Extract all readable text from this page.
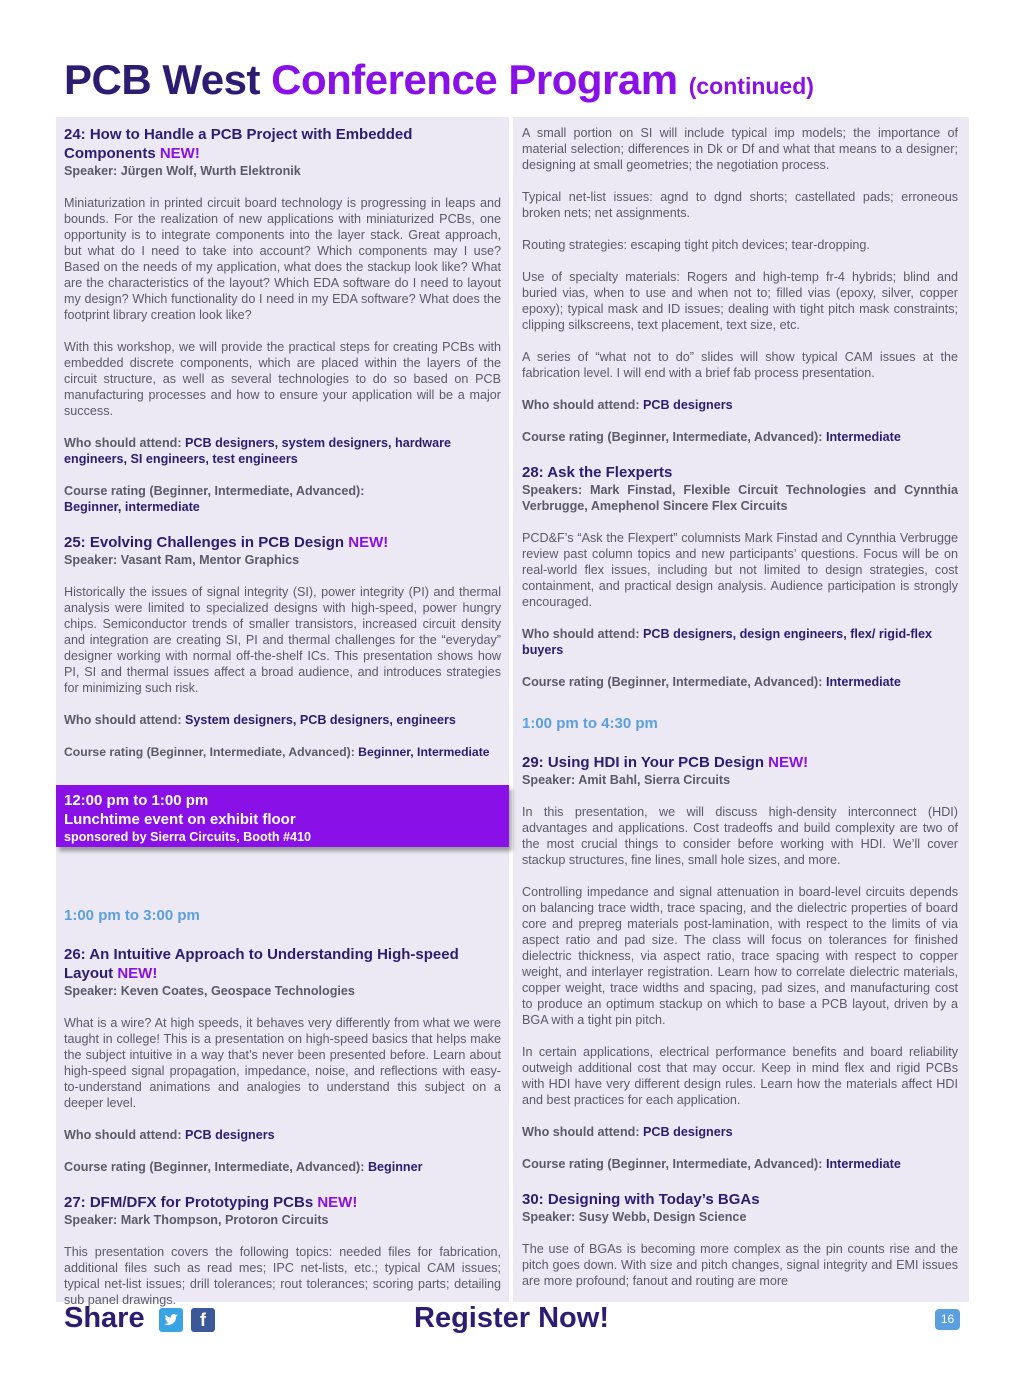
PCB West Conference Program (continued)
24: How to Handle a PCB Project with Embedded Components NEW!
Speaker: Jürgen Wolf, Wurth Elektronik

Miniaturization in printed circuit board technology is progressing in leaps and bounds. For the realization of new applications with miniaturized PCBs, one opportunity is to integrate components into the layer stack. Great approach, but what do I need to take into account? Which components may I use? Based on the needs of my application, what does the stackup look like? What are the characteristics of the layout? Which EDA software do I need to layout my design? Which functionality do I need in my EDA software? What does the footprint library creation look like?

With this workshop, we will provide the practical steps for creating PCBs with embedded discrete components, which are placed within the layers of the circuit structure, as well as several technologies to do so based on PCB manufacturing processes and how to ensure your application will be a major success.

Who should attend: PCB designers, system designers, hardware engineers, SI engineers, test engineers
Course rating (Beginner, Intermediate, Advanced):
Beginner, intermediate
25: Evolving Challenges in PCB Design NEW!
Speaker: Vasant Ram, Mentor Graphics

Historically the issues of signal integrity (SI), power integrity (PI) and thermal analysis were limited to specialized designs with high-speed, power hungry chips. Semiconductor trends of smaller transistors, increased circuit density and integration are creating SI, PI and thermal challenges for the “everyday” designer working with normal off-the-shelf ICs. This presentation shows how PI, SI and thermal issues affect a broad audience, and introduces strategies for minimizing such risk.

Who should attend: System designers, PCB designers, engineers
Course rating (Beginner, Intermediate, Advanced): Beginner, Intermediate
1:00 pm to 3:00 pm
26: An Intuitive Approach to Understanding High-speed Layout NEW!
Speaker: Keven Coates, Geospace Technologies

What is a wire? At high speeds, it behaves very differently from what we were taught in college! This is a presentation on high-speed basics that helps make the subject intuitive in a way that’s never been presented before. Learn about high-speed signal propagation, impedance, noise, and reflections with easy-to-understand animations and analogies to understand this subject on a deeper level.

Who should attend: PCB designers
Course rating (Beginner, Intermediate, Advanced): Beginner
27: DFM/DFX for Prototyping PCBs NEW!
Speaker: Mark Thompson, Protoron Circuits

This presentation covers the following topics: needed files for fabrication, additional files such as read mes; IPC net-lists, etc.; typical CAM issues; typical net-list issues; drill tolerances; rout tolerances; scoring parts; detailing sub panel drawings.

12:00 pm to 1:00 pm
Lunchtime event on exhibit floor
sponsored by Sierra Circuits, Booth #410

A small portion on SI will include typical imp models; the importance of material selection; differences in Dk or Df and what that means to a designer; designing at small geometries; the negotiation process.

Typical net-list issues: agnd to dgnd shorts; castellated pads; erroneous broken nets; net assignments.

Routing strategies: escaping tight pitch devices; tear-dropping.

Use of specialty materials: Rogers and high-temp fr-4 hybrids; blind and buried vias, when to use and when not to; filled vias (epoxy, silver, copper epoxy); typical mask and ID issues; dealing with tight pitch mask constraints; clipping silkscreens, text placement, text size, etc.

A series of “what not to do” slides will show typical CAM issues at the fabrication level. I will end with a brief fab process presentation.

Who should attend: PCB designers
Course rating (Beginner, Intermediate, Advanced): Intermediate
28: Ask the Flexperts
Speakers: Mark Finstad, Flexible Circuit Technologies and Cynnthia Verbrugge, Amephenol Sincere Flex Circuits

PCD&F’s “Ask the Flexpert” columnists Mark Finstad and Cynnthia Verbrugge review past column topics and new participants’ questions. Focus will be on real-world flex issues, including but not limited to design strategies, cost containment, and practical design analysis. Audience participation is strongly encouraged.

Who should attend: PCB designers, design engineers, flex/ rigid-flex buyers
Course rating (Beginner, Intermediate, Advanced): Intermediate
1:00 pm to 4:30 pm
29: Using HDI in Your PCB Design NEW!
Speaker: Amit Bahl, Sierra Circuits

In this presentation, we will discuss high-density interconnect (HDI) advantages and applications. Cost tradeoffs and build complexity are two of the most crucial things to consider before working with HDI. We’ll cover stackup structures, fine lines, small hole sizes, and more.

Controlling impedance and signal attenuation in board-level circuits depends on balancing trace width, trace spacing, and the dielectric properties of board core and prepreg materials post-lamination, with respect to the limits of via aspect ratio and pad size. The class will focus on tolerances for finished dielectric thickness, via aspect ratio, trace spacing with respect to copper weight, and interlayer registration. Learn how to correlate dielectric materials, copper weight, trace widths and spacing, pad sizes, and manufacturing cost to produce an optimum stackup on which to base a PCB layout, driven by a BGA with a tight pin pitch.

In certain applications, electrical performance benefits and board reliability outweigh additional cost that may occur. Keep in mind flex and rigid PCBs with HDI have very different design rules. Learn how the materials affect HDI and best practices for each application.

Who should attend: PCB designers
Course rating (Beginner, Intermediate, Advanced): Intermediate
30: Designing with Today’s BGAs
Speaker: Susy Webb, Design Science

The use of BGAs is becoming more complex as the pin counts rise and the pitch goes down. With size and pitch changes, signal integrity and EMI issues are more profound; fanout and routing are more

Share	f	Register Now!	16
